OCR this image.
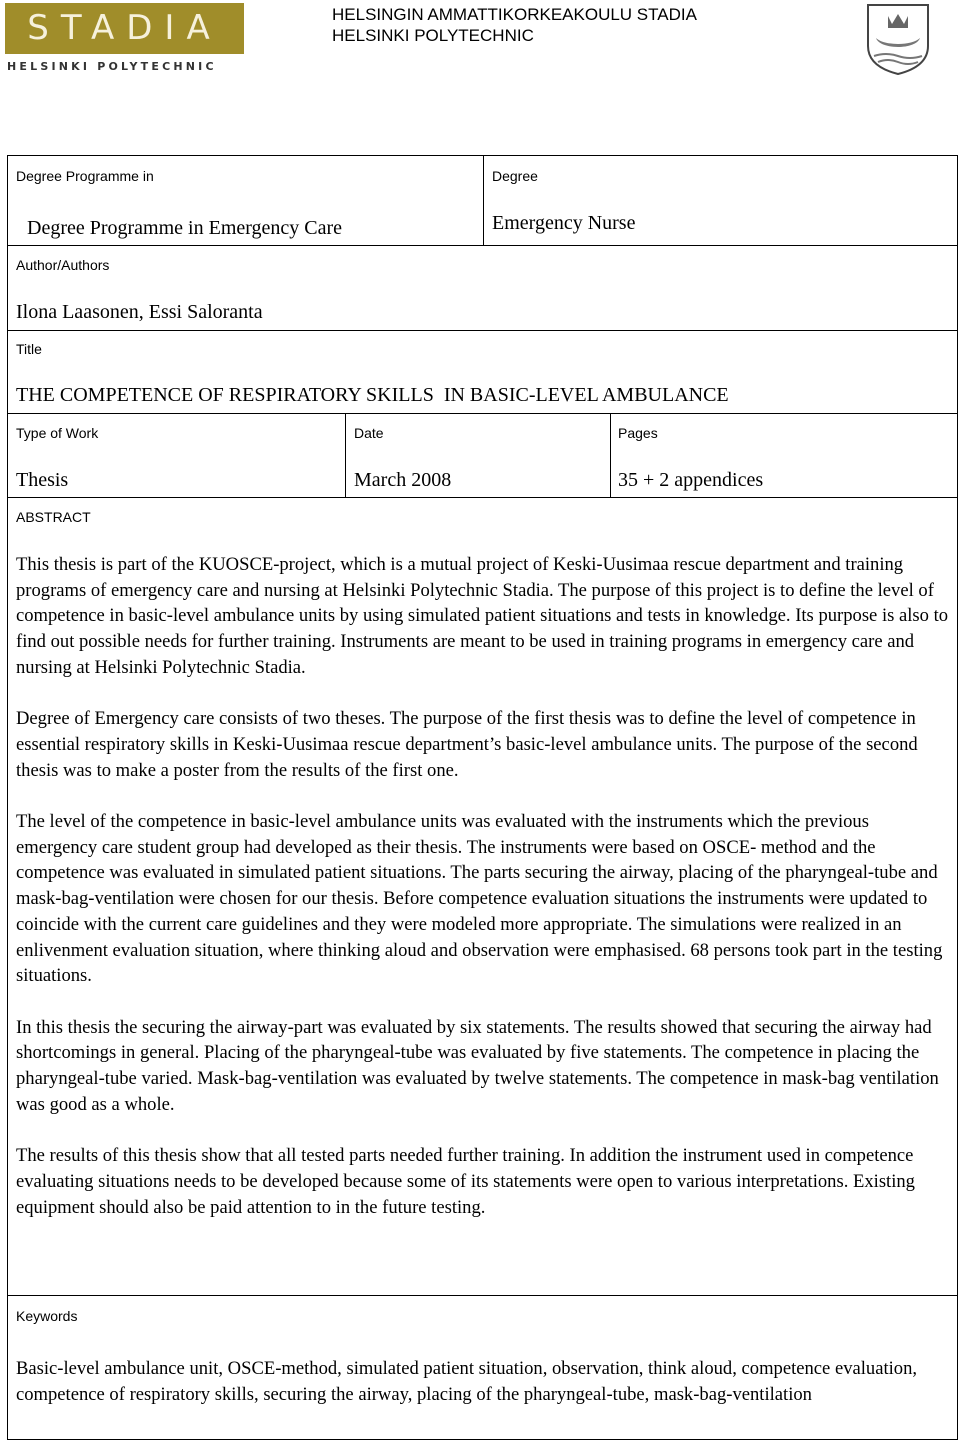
STADIA
HELSINKI POLYTECHNIC
HELSINGIN AMMATTIKORKEAKOULU STADIA
HELSINKI POLYTECHNIC
Degree Programme in
Degree Programme in Emergency Care
Degree
Emergency Nurse
Author/Authors
Ilona Laasonen, Essi Saloranta
Title
THE COMPETENCE OF RESPIRATORY SKILLS  IN BASIC-LEVEL AMBULANCE
Type of Work
Thesis
Date
March 2008
Pages
35 + 2 appendices
ABSTRACT

This thesis is part of the KUOSCE-project, which is a mutual project of Keski-Uusimaa rescue department and training programs of emergency care and nursing at Helsinki Polytechnic Stadia. The purpose of this project is to define the level of competence in basic-level ambulance units by using simulated patient situations and tests in knowledge. Its purpose is also to find out possible needs for further training. Instruments are meant to be used in training programs in emergency care and nursing at Helsinki Polytechnic Stadia.

Degree of Emergency care consists of two theses. The purpose of the first thesis was to define the level of competence in essential respiratory skills in Keski-Uusimaa rescue department’s basic-level ambulance units. The purpose of the second thesis was to make a poster from the results of the first one.

The level of the competence in basic-level ambulance units was evaluated with the instruments which the previous emergency care student group had developed as their thesis. The instruments were based on OSCE- method and the competence was evaluated in simulated patient situations. The parts securing the airway, placing of the pharyngeal-tube and mask-bag-ventilation were chosen for our thesis. Before competence evaluation situations the instruments were updated to coincide with the current care guidelines and they were modeled more appropriate. The simulations were realized in an enlivenment evaluation situation, where thinking aloud and observation were emphasised. 68 persons took part in the testing situations.

In this thesis the securing the airway-part was evaluated by six statements. The results showed that securing the airway had shortcomings in general. Placing of the pharyngeal-tube was evaluated by five statements. The competence in placing the pharyngeal-tube varied. Mask-bag-ventilation was evaluated by twelve statements. The competence in mask-bag ventilation was good as a whole.

The results of this thesis show that all tested parts needed further training. In addition the instrument used in competence evaluating situations needs to be developed because some of its statements were open to various interpretations. Existing equipment should also be paid attention to in the future testing.

Keywords
Basic-level ambulance unit, OSCE-method, simulated patient situation, observation, think aloud, competence evaluation, competence of respiratory skills, securing the airway, placing of the pharyngeal-tube, mask-bag-ventilation
